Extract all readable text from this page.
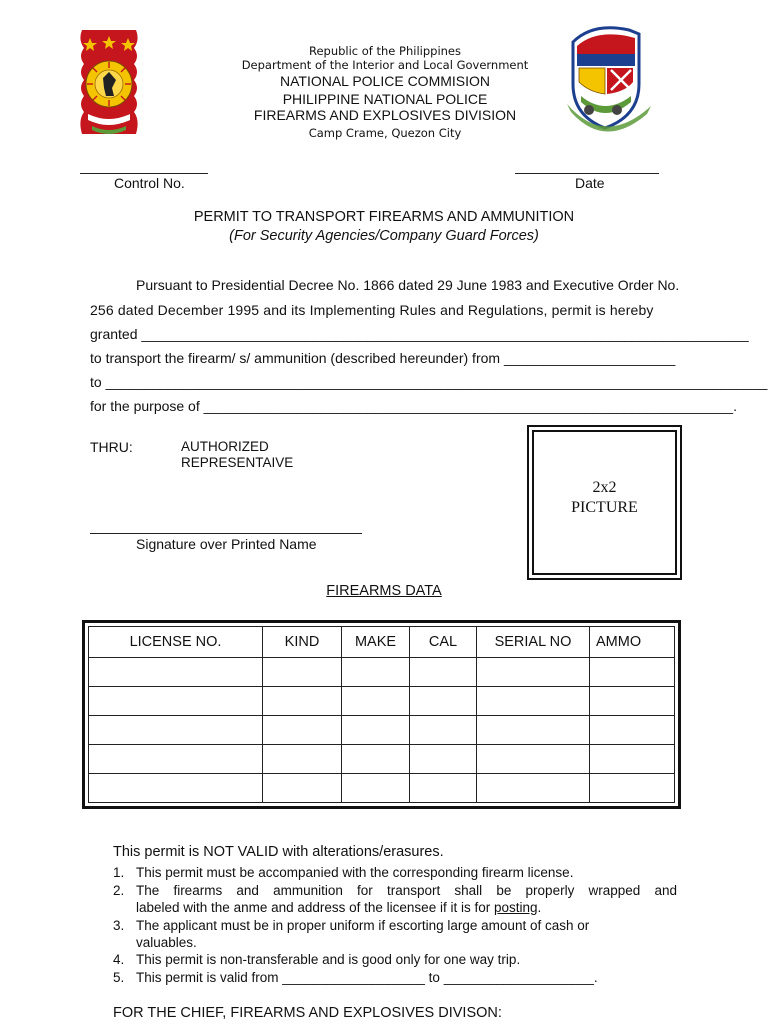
Republic of the Philippines
Department of the Interior and Local Government
NATIONAL POLICE COMMISION
PHILIPPINE NATIONAL POLICE
FIREARMS AND EXPLOSIVES DIVISION
Camp Crame, Quezon City
Control No.	Date
PERMIT TO TRANSPORT FIREARMS AND AMMUNITION
(For Security Agencies/Company Guard Forces)
Pursuant to Presidential Decree No. 1866 dated 29 June 1983 and Executive Order No.
256 dated December 1995 and its Implementing Rules and Regulations, permit is hereby
granted ______________________________________________________________________________
to transport the firearm/ s/ ammunition (described hereunder) from ______________________
to _____________________________________________________________________________________
for the purpose of ____________________________________________________________________.
THRU:	AUTHORIZED
REPRESENTAIVE
Signature over Printed Name
2x2
PICTURE
FIREARMS DATA
LICENSE NO.	KIND	MAKE	CAL	SERIAL NO	AMMO

This permit is NOT VALID with alterations/erasures.
1. This permit must be accompanied with the corresponding firearm license.
2. The firearms and ammunition for transport shall be properly wrapped and
labeled with the anme and address of the licensee if it is for posting.
3. The applicant must be in proper uniform if escorting large amount of cash or
valuables.
4. This permit is non-transferable and is good only for one way trip.
5. This permit is valid from ___________________ to ____________________.
FOR THE CHIEF, FIREARMS AND EXPLOSIVES DIVISON:
